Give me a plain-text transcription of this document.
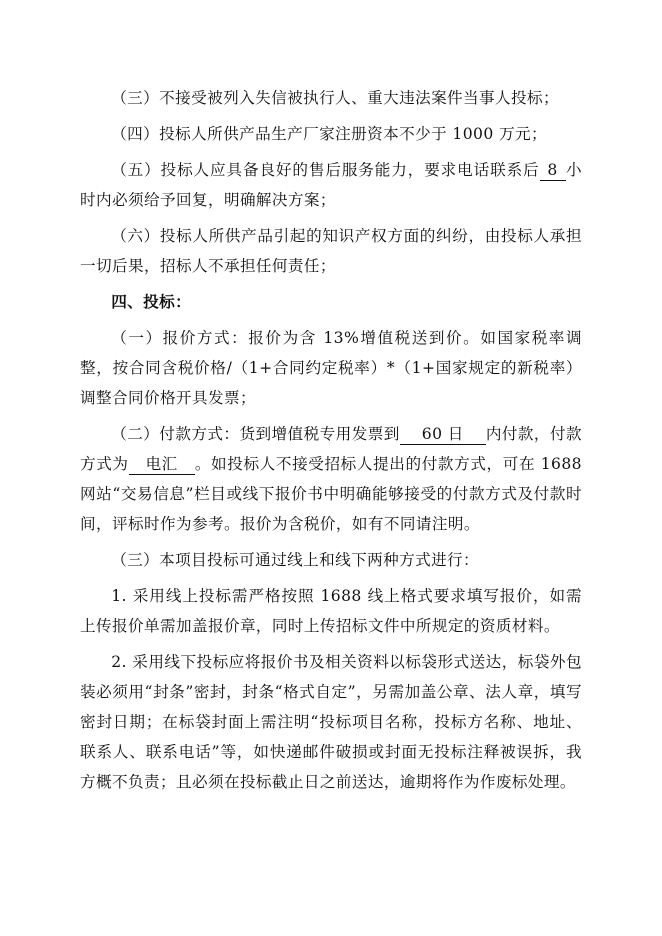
（三）不接受被列入失信被执行人、重大违法案件当事人投标；

（四）投标人所供产品生产厂家注册资本不少于 1000 万元；

（五）投标人应具备良好的售后服务能力，要求电话联系后 8 小时内必须给予回复，明确解决方案；

（六）投标人所供产品引起的知识产权方面的纠纷，由投标人承担一切后果，招标人不承担任何责任；

四、投标：

（一）报价方式：报价为含 13%增值税送到价。如国家税率调整，按合同含税价格/（1+合同约定税率）*（1+国家规定的新税率）调整合同价格开具发票；

（二）付款方式：货到增值税专用发票到 60 日 内付款，付款方式为 电汇 。如投标人不接受招标人提出的付款方式，可在 1688 网站“交易信息”栏目或线下报价书中明确能够接受的付款方式及付款时间，评标时作为参考。报价为含税价，如有不同请注明。

（三）本项目投标可通过线上和线下两种方式进行：

1. 采用线上投标需严格按照 1688 线上格式要求填写报价，如需上传报价单需加盖报价章，同时上传招标文件中所规定的资质材料。

2. 采用线下投标应将报价书及相关资料以标袋形式送达，标袋外包装必须用“封条”密封，封条“格式自定”，另需加盖公章、法人章，填写密封日期；在标袋封面上需注明“投标项目名称，投标方名称、地址、联系人、联系电话”等，如快递邮件破损或封面无投标注释被误拆，我方概不负责；且必须在投标截止日之前送达，逾期将作为作废标处理。
